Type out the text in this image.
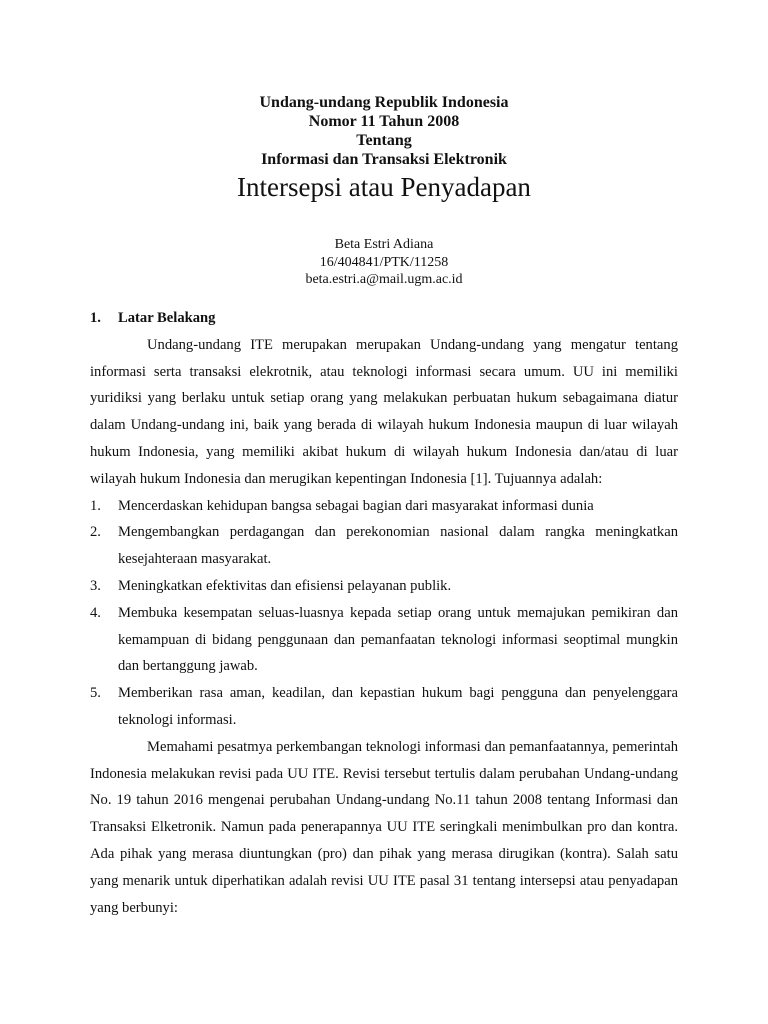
Undang-undang Republik Indonesia
Nomor 11 Tahun 2008
Tentang
Informasi dan Transaksi Elektronik
Intersepsi atau Penyadapan
Beta Estri Adiana
16/404841/PTK/11258
beta.estri.a@mail.ugm.ac.id
1. Latar Belakang

Undang-undang ITE merupakan merupakan Undang-undang yang mengatur tentang informasi serta transaksi elekrotnik, atau teknologi informasi secara umum. UU ini memiliki yuridiksi yang berlaku untuk setiap orang yang melakukan perbuatan hukum sebagaimana diatur dalam Undang-undang ini, baik yang berada di wilayah hukum Indonesia maupun di luar wilayah hukum Indonesia, yang memiliki akibat hukum di wilayah hukum Indonesia dan/atau di luar wilayah hukum Indonesia dan merugikan kepentingan Indonesia [1]. Tujuannya adalah:

1. Mencerdaskan kehidupan bangsa sebagai bagian dari masyarakat informasi dunia
2. Mengembangkan perdagangan dan perekonomian nasional dalam rangka meningkatkan kesejahteraan masyarakat.
3. Meningkatkan efektivitas dan efisiensi pelayanan publik.
4. Membuka kesempatan seluas-luasnya kepada setiap orang untuk memajukan pemikiran dan kemampuan di bidang penggunaan dan pemanfaatan teknologi informasi seoptimal mungkin dan bertanggung jawab.
5. Memberikan rasa aman, keadilan, dan kepastian hukum bagi pengguna dan penyelenggara teknologi informasi.

Memahami pesatmya perkembangan teknologi informasi dan pemanfaatannya, pemerintah Indonesia melakukan revisi pada UU ITE. Revisi tersebut tertulis dalam perubahan Undang-undang No. 19 tahun 2016 mengenai perubahan Undang-undang No.11 tahun 2008 tentang Informasi dan Transaksi Elketronik. Namun pada penerapannya UU ITE seringkali menimbulkan pro dan kontra. Ada pihak yang merasa diuntungkan (pro) dan pihak yang merasa dirugikan (kontra). Salah satu yang menarik untuk diperhatikan adalah revisi UU ITE pasal 31 tentang intersepsi atau penyadapan yang berbunyi:
